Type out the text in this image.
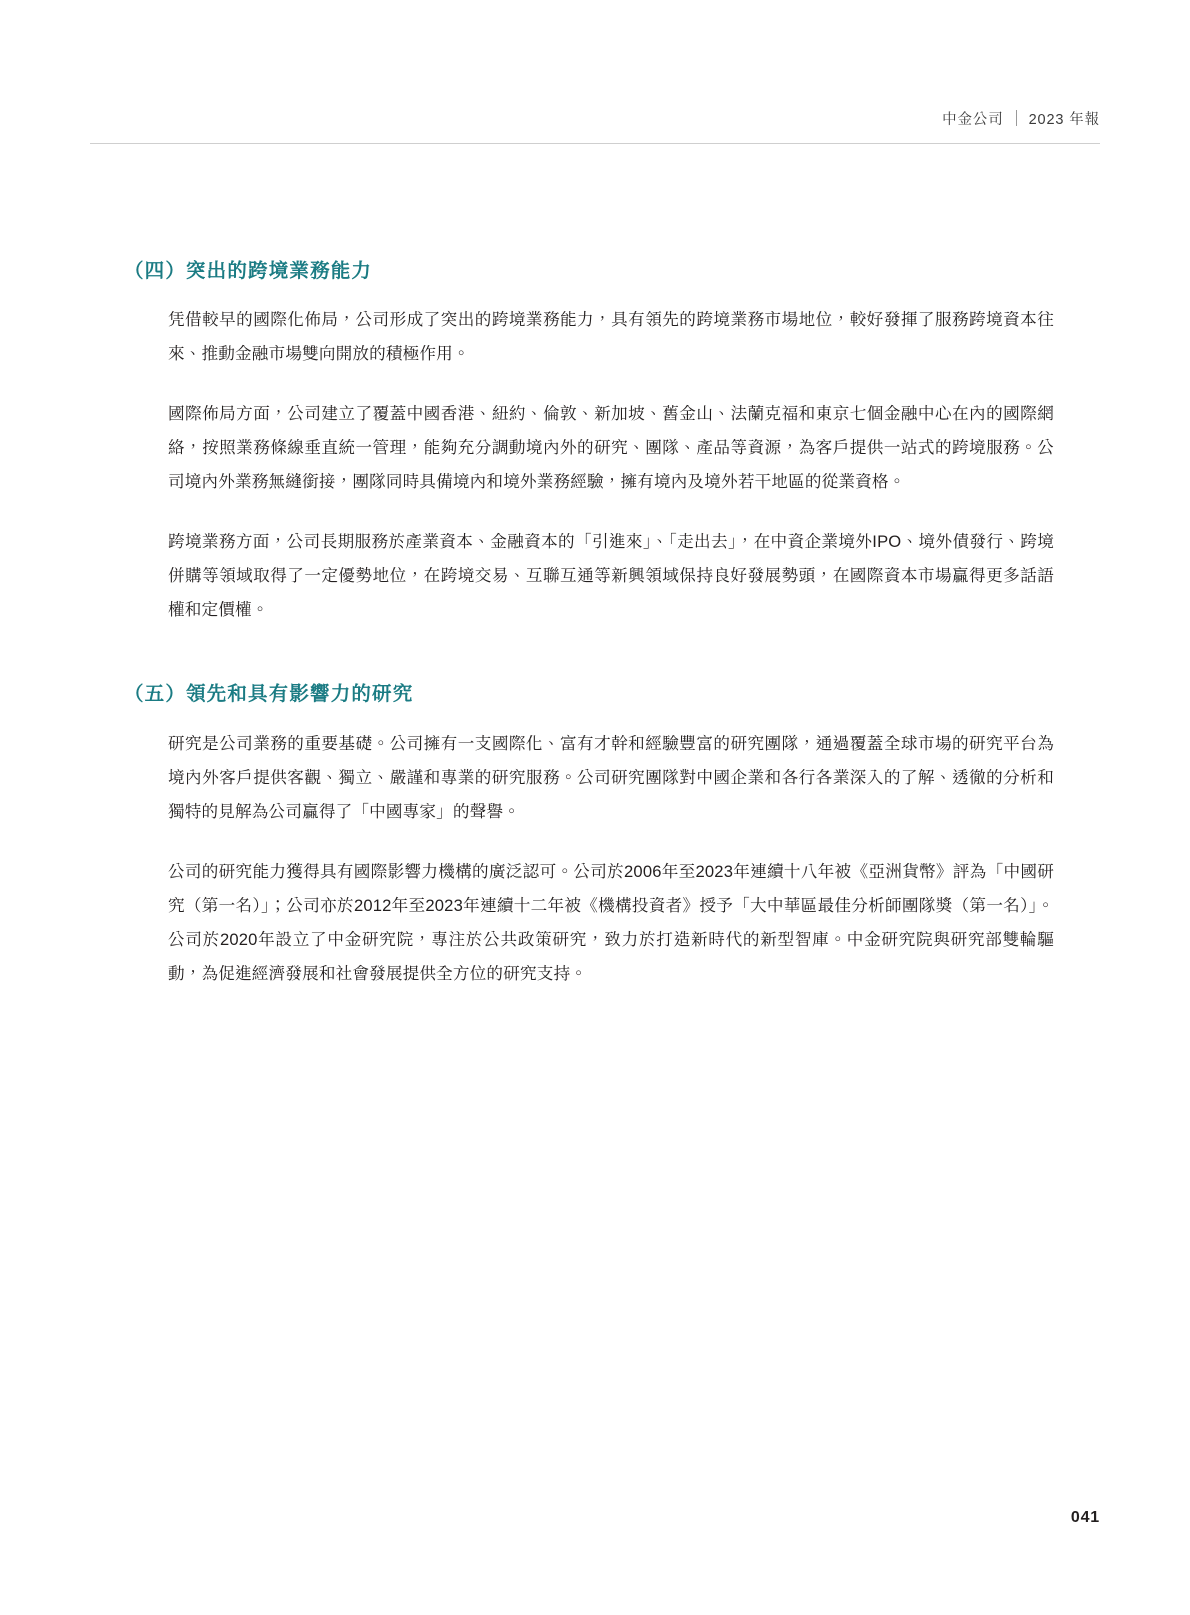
中金公司	2023 年報
（四）突出的跨境業務能力

凭借較早的國際化佈局，公司形成了突出的跨境業務能力，具有領先的跨境業務市場地位，較好發揮了服務跨境資本往來、推動金融市場雙向開放的積極作用。

國際佈局方面，公司建立了覆蓋中國香港、紐約、倫敦、新加坡、舊金山、法蘭克福和東京七個金融中心在內的國際網絡，按照業務條線垂直統一管理，能夠充分調動境內外的研究、團隊、產品等資源，為客戶提供一站式的跨境服務。公司境內外業務無縫銜接，團隊同時具備境內和境外業務經驗，擁有境內及境外若干地區的從業資格。

跨境業務方面，公司長期服務於產業資本、金融資本的「引進來」、「走出去」，在中資企業境外IPO、境外債發行、跨境併購等領域取得了一定優勢地位，在跨境交易、互聯互通等新興領域保持良好發展勢頭，在國際資本市場贏得更多話語權和定價權。

（五）領先和具有影響力的研究

研究是公司業務的重要基礎。公司擁有一支國際化、富有才幹和經驗豐富的研究團隊，通過覆蓋全球市場的研究平台為境內外客戶提供客觀、獨立、嚴謹和專業的研究服務。公司研究團隊對中國企業和各行各業深入的了解、透徹的分析和獨特的見解為公司贏得了「中國專家」的聲譽。

公司的研究能力獲得具有國際影響力機構的廣泛認可。公司於2006年至2023年連續十八年被《亞洲貨幣》評為「中國研究（第一名）」；公司亦於2012年至2023年連續十二年被《機構投資者》授予「大中華區最佳分析師團隊獎（第一名）」。公司於2020年設立了中金研究院，專注於公共政策研究，致力於打造新時代的新型智庫。中金研究院與研究部雙輪驅動，為促進經濟發展和社會發展提供全方位的研究支持。

041
